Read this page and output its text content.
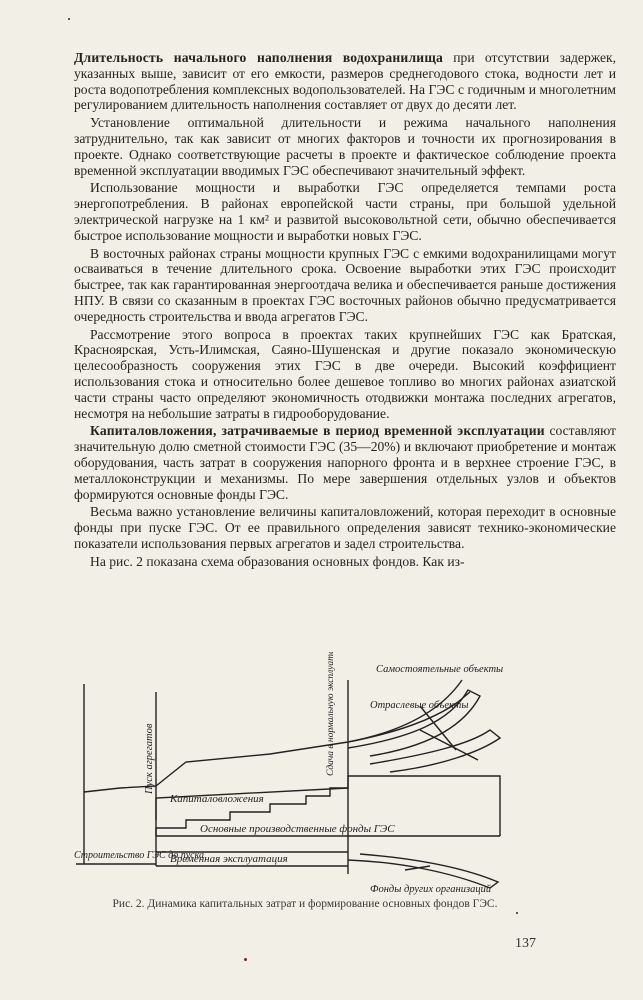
Длительность начального наполнения водохранилища при отсутствии задержек, указанных выше, зависит от его емкости, размеров среднегодового стока, водности лет и роста водопотребления комплексных водопользователей. На ГЭС с годичным и многолетним регулированием длительность наполнения составляет от двух до десяти лет.

Установление оптимальной длительности и режима начального наполнения затруднительно, так как зависит от многих факторов и точности их прогнозирования в проекте. Однако соответствующие расчеты в проекте и фактическое соблюдение проекта временной эксплуатации вводимых ГЭС обеспечивают значительный эффект.

Использование мощности и выработки ГЭС определяется темпами роста энергопотребления. В районах европейской части страны, при большой удельной электрической нагрузке на 1 км² и развитой высоковольтной сети, обычно обеспечивается быстрое использование мощности и выработки новых ГЭС.

В восточных районах страны мощности крупных ГЭС с емкими водохранилищами могут осваиваться в течение длительного срока. Освоение выработки этих ГЭС происходит быстрее, так как гарантированная энергоотдача велика и обеспечивается раньше достижения НПУ. В связи со сказанным в проектах ГЭС восточных районов обычно предусматривается очередность строительства и ввода агрегатов ГЭС.

Рассмотрение этого вопроса в проектах таких крупнейших ГЭС как Братская, Красноярская, Усть-Илимская, Саяно-Шушенская и другие показало экономическую целесообразность сооружения этих ГЭС в две очереди. Высокий коэффициент использования стока и относительно более дешевое топливо во многих районах азиатской части страны часто определяют экономичность отодвижки монтажа последних агрегатов, несмотря на небольшие затраты в гидрооборудование.

Капиталовложения, затрачиваемые в период временной эксплуатации составляют значительную долю сметной стоимости ГЭС (35—20%) и включают приобретение и монтаж оборудования, часть затрат в сооружения напорного фронта и в верхнее строение ГЭС, в металлоконструкции и механизмы. По мере завершения отдельных узлов и объектов формируются основные фонды ГЭС.

Весьма важно установление величины капиталовложений, которая переходит в основные фонды при пуске ГЭС. От ее правильного определения зависят технико-экономические показатели использования первых агрегатов и задел строительства.

На рис. 2 показана схема образования основных фондов. Как из-

Пуск агрегатов	Сдача в нормальную эксплуатацию	Самостоятельные объекты
Отраслевые объекты
Капиталовложения
Основные производственные фонды ГЭС
Строительство ГЭС до пуска
Временная эксплуатация
Фонды других организаций
Рис. 2. Динамика капитальных затрат и формирование основных фондов ГЭС.
137
